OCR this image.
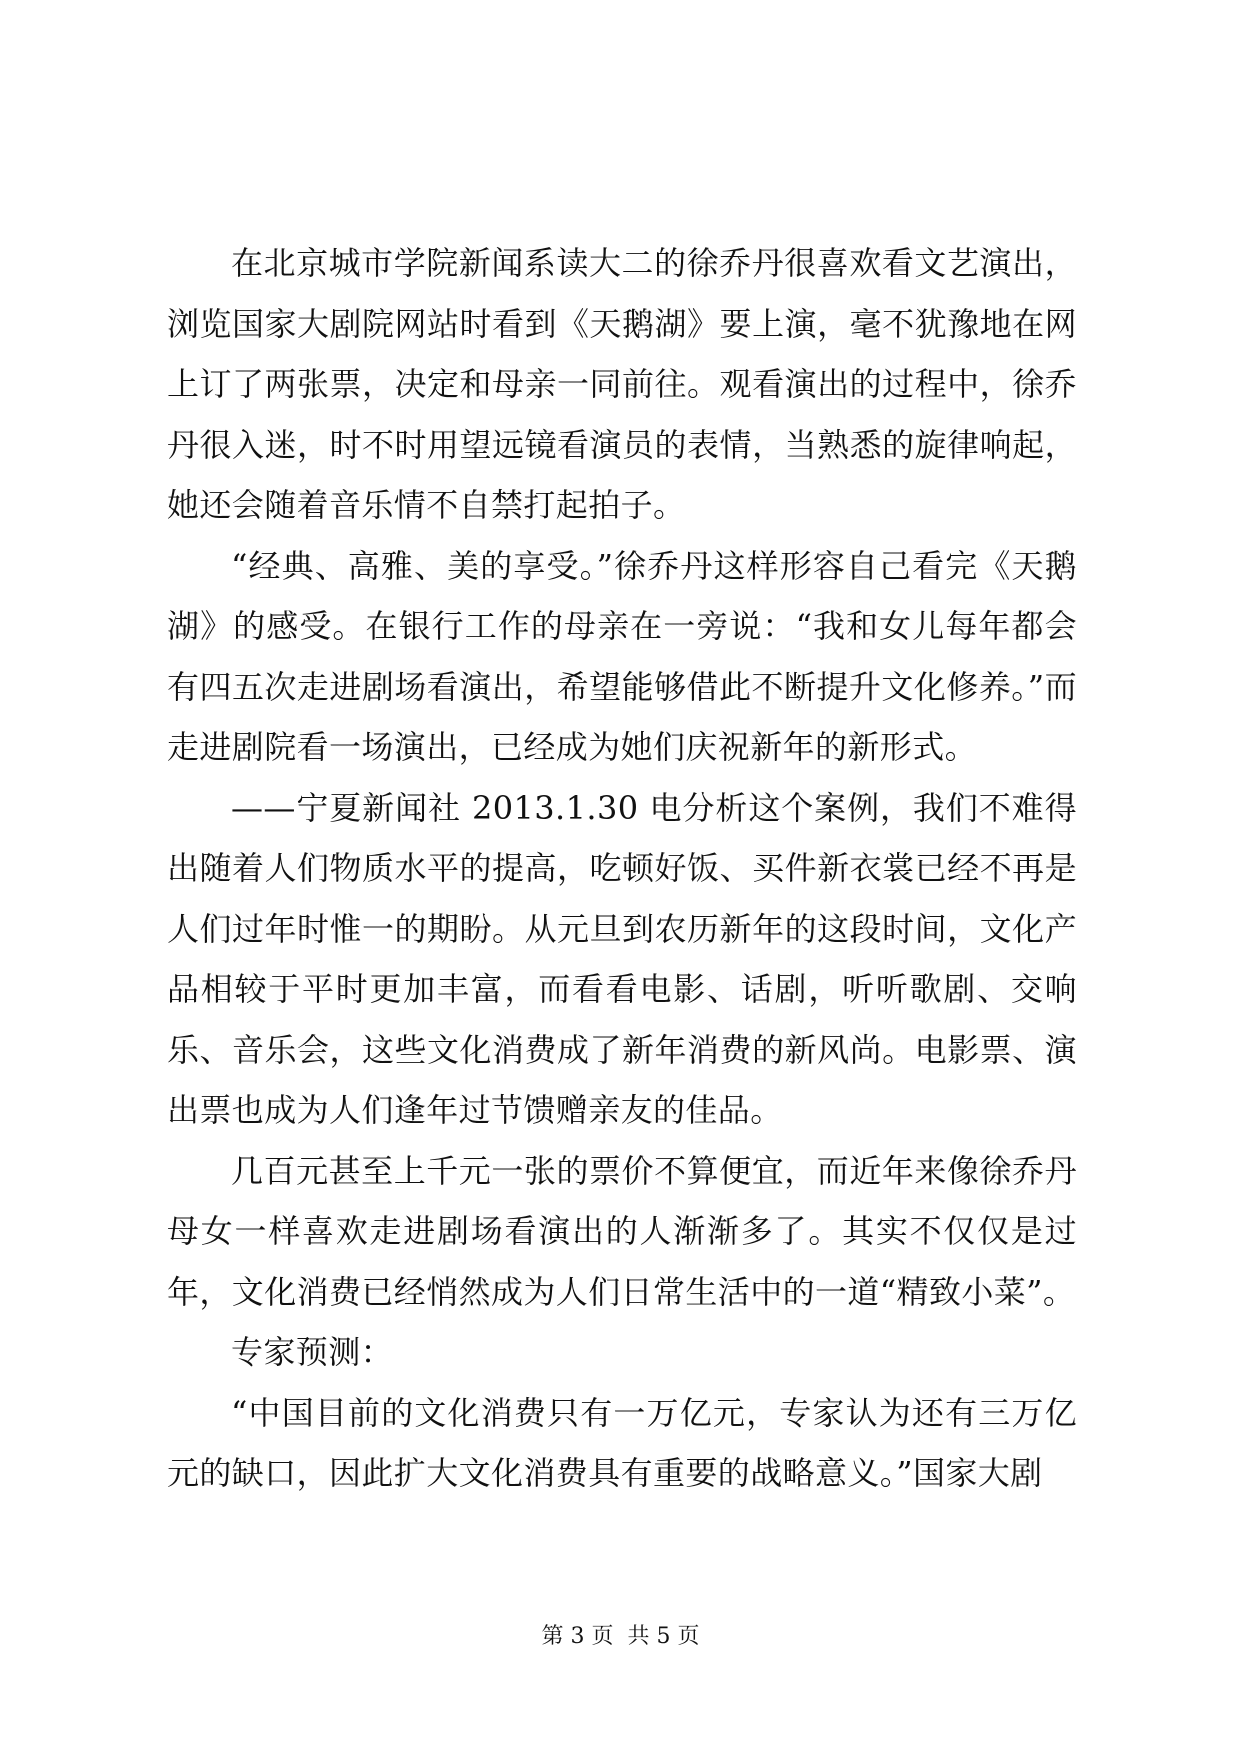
在北京城市学院新闻系读大二的徐乔丹很喜欢看文艺演出，浏览国家大剧院网站时看到《天鹅湖》要上演，毫不犹豫地在网上订了两张票，决定和母亲一同前往。观看演出的过程中，徐乔丹很入迷，时不时用望远镜看演员的表情，当熟悉的旋律响起，她还会随着音乐情不自禁打起拍子。

“经典、高雅、美的享受。”徐乔丹这样形容自己看完《天鹅湖》的感受。在银行工作的母亲在一旁说：“我和女儿每年都会有四五次走进剧场看演出，希望能够借此不断提升文化修养。”而走进剧院看一场演出，已经成为她们庆祝新年的新形式。

——宁夏新闻社 2013.1.30 电分析这个案例，我们不难得出随着人们物质水平的提高，吃顿好饭、买件新衣裳已经不再是人们过年时惟一的期盼。从元旦到农历新年的这段时间，文化产品相较于平时更加丰富，而看看电影、话剧，听听歌剧、交响乐、音乐会，这些文化消费成了新年消费的新风尚。电影票、演出票也成为人们逢年过节馈赠亲友的佳品。

几百元甚至上千元一张的票价不算便宜，而近年来像徐乔丹母女一样喜欢走进剧场看演出的人渐渐多了。其实不仅仅是过年，文化消费已经悄然成为人们日常生活中的一道“精致小菜”。

专家预测：

“中国目前的文化消费只有一万亿元，专家认为还有三万亿元的缺口，因此扩大文化消费具有重要的战略意义。”国家大剧

第 3 页 共 5 页
